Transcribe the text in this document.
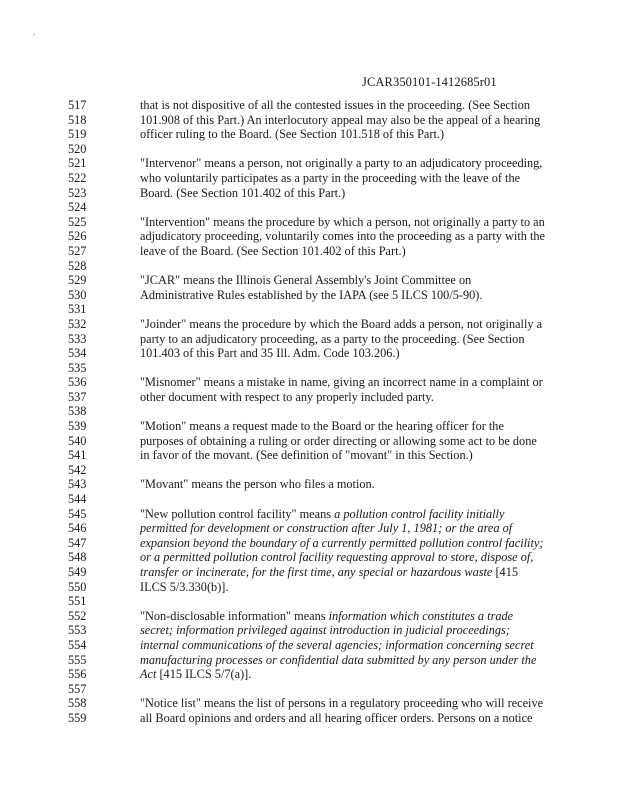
.
JCAR350101-1412685r01
517	that is not dispositive of all the contested issues in the proceeding. (See Section
518	101.908 of this Part.) An interlocutory appeal may also be the appeal of a hearing
519	officer ruling to the Board. (See Section 101.518 of this Part.)
520
521	"Intervenor" means a person, not originally a party to an adjudicatory proceeding,
522	who voluntarily participates as a party in the proceeding with the leave of the
523	Board. (See Section 101.402 of this Part.)
524
525	"Intervention" means the procedure by which a person, not originally a party to an
526	adjudicatory proceeding, voluntarily comes into the proceeding as a party with the
527	leave of the Board. (See Section 101.402 of this Part.)
528
529	"JCAR" means the Illinois General Assembly's Joint Committee on
530	Administrative Rules established by the IAPA (see 5 ILCS 100/5-90).
531
532	"Joinder" means the procedure by which the Board adds a person, not originally a
533	party to an adjudicatory proceeding, as a party to the proceeding. (See Section
534	101.403 of this Part and 35 Ill. Adm. Code 103.206.)
535
536	"Misnomer" means a mistake in name, giving an incorrect name in a complaint or
537	other document with respect to any properly included party.
538
539	"Motion" means a request made to the Board or the hearing officer for the
540	purposes of obtaining a ruling or order directing or allowing some act to be done
541	in favor of the movant. (See definition of "movant" in this Section.)
542
543	"Movant" means the person who files a motion.
544
545	"New pollution control facility" means a pollution control facility initially
546	permitted for development or construction after July 1, 1981; or the area of
547	expansion beyond the boundary of a currently permitted pollution control facility;
548	or a permitted pollution control facility requesting approval to store, dispose of,
549	transfer or incinerate, for the first time, any special or hazardous waste [415
550	ILCS 5/3.330(b)].
551
552	"Non-disclosable information" means information which constitutes a trade
553	secret; information privileged against introduction in judicial proceedings;
554	internal communications of the several agencies; information concerning secret
555	manufacturing processes or confidential data submitted by any person under the
556	Act [415 ILCS 5/7(a)].
557
558	"Notice list" means the list of persons in a regulatory proceeding who will receive
559	all Board opinions and orders and all hearing officer orders. Persons on a notice
